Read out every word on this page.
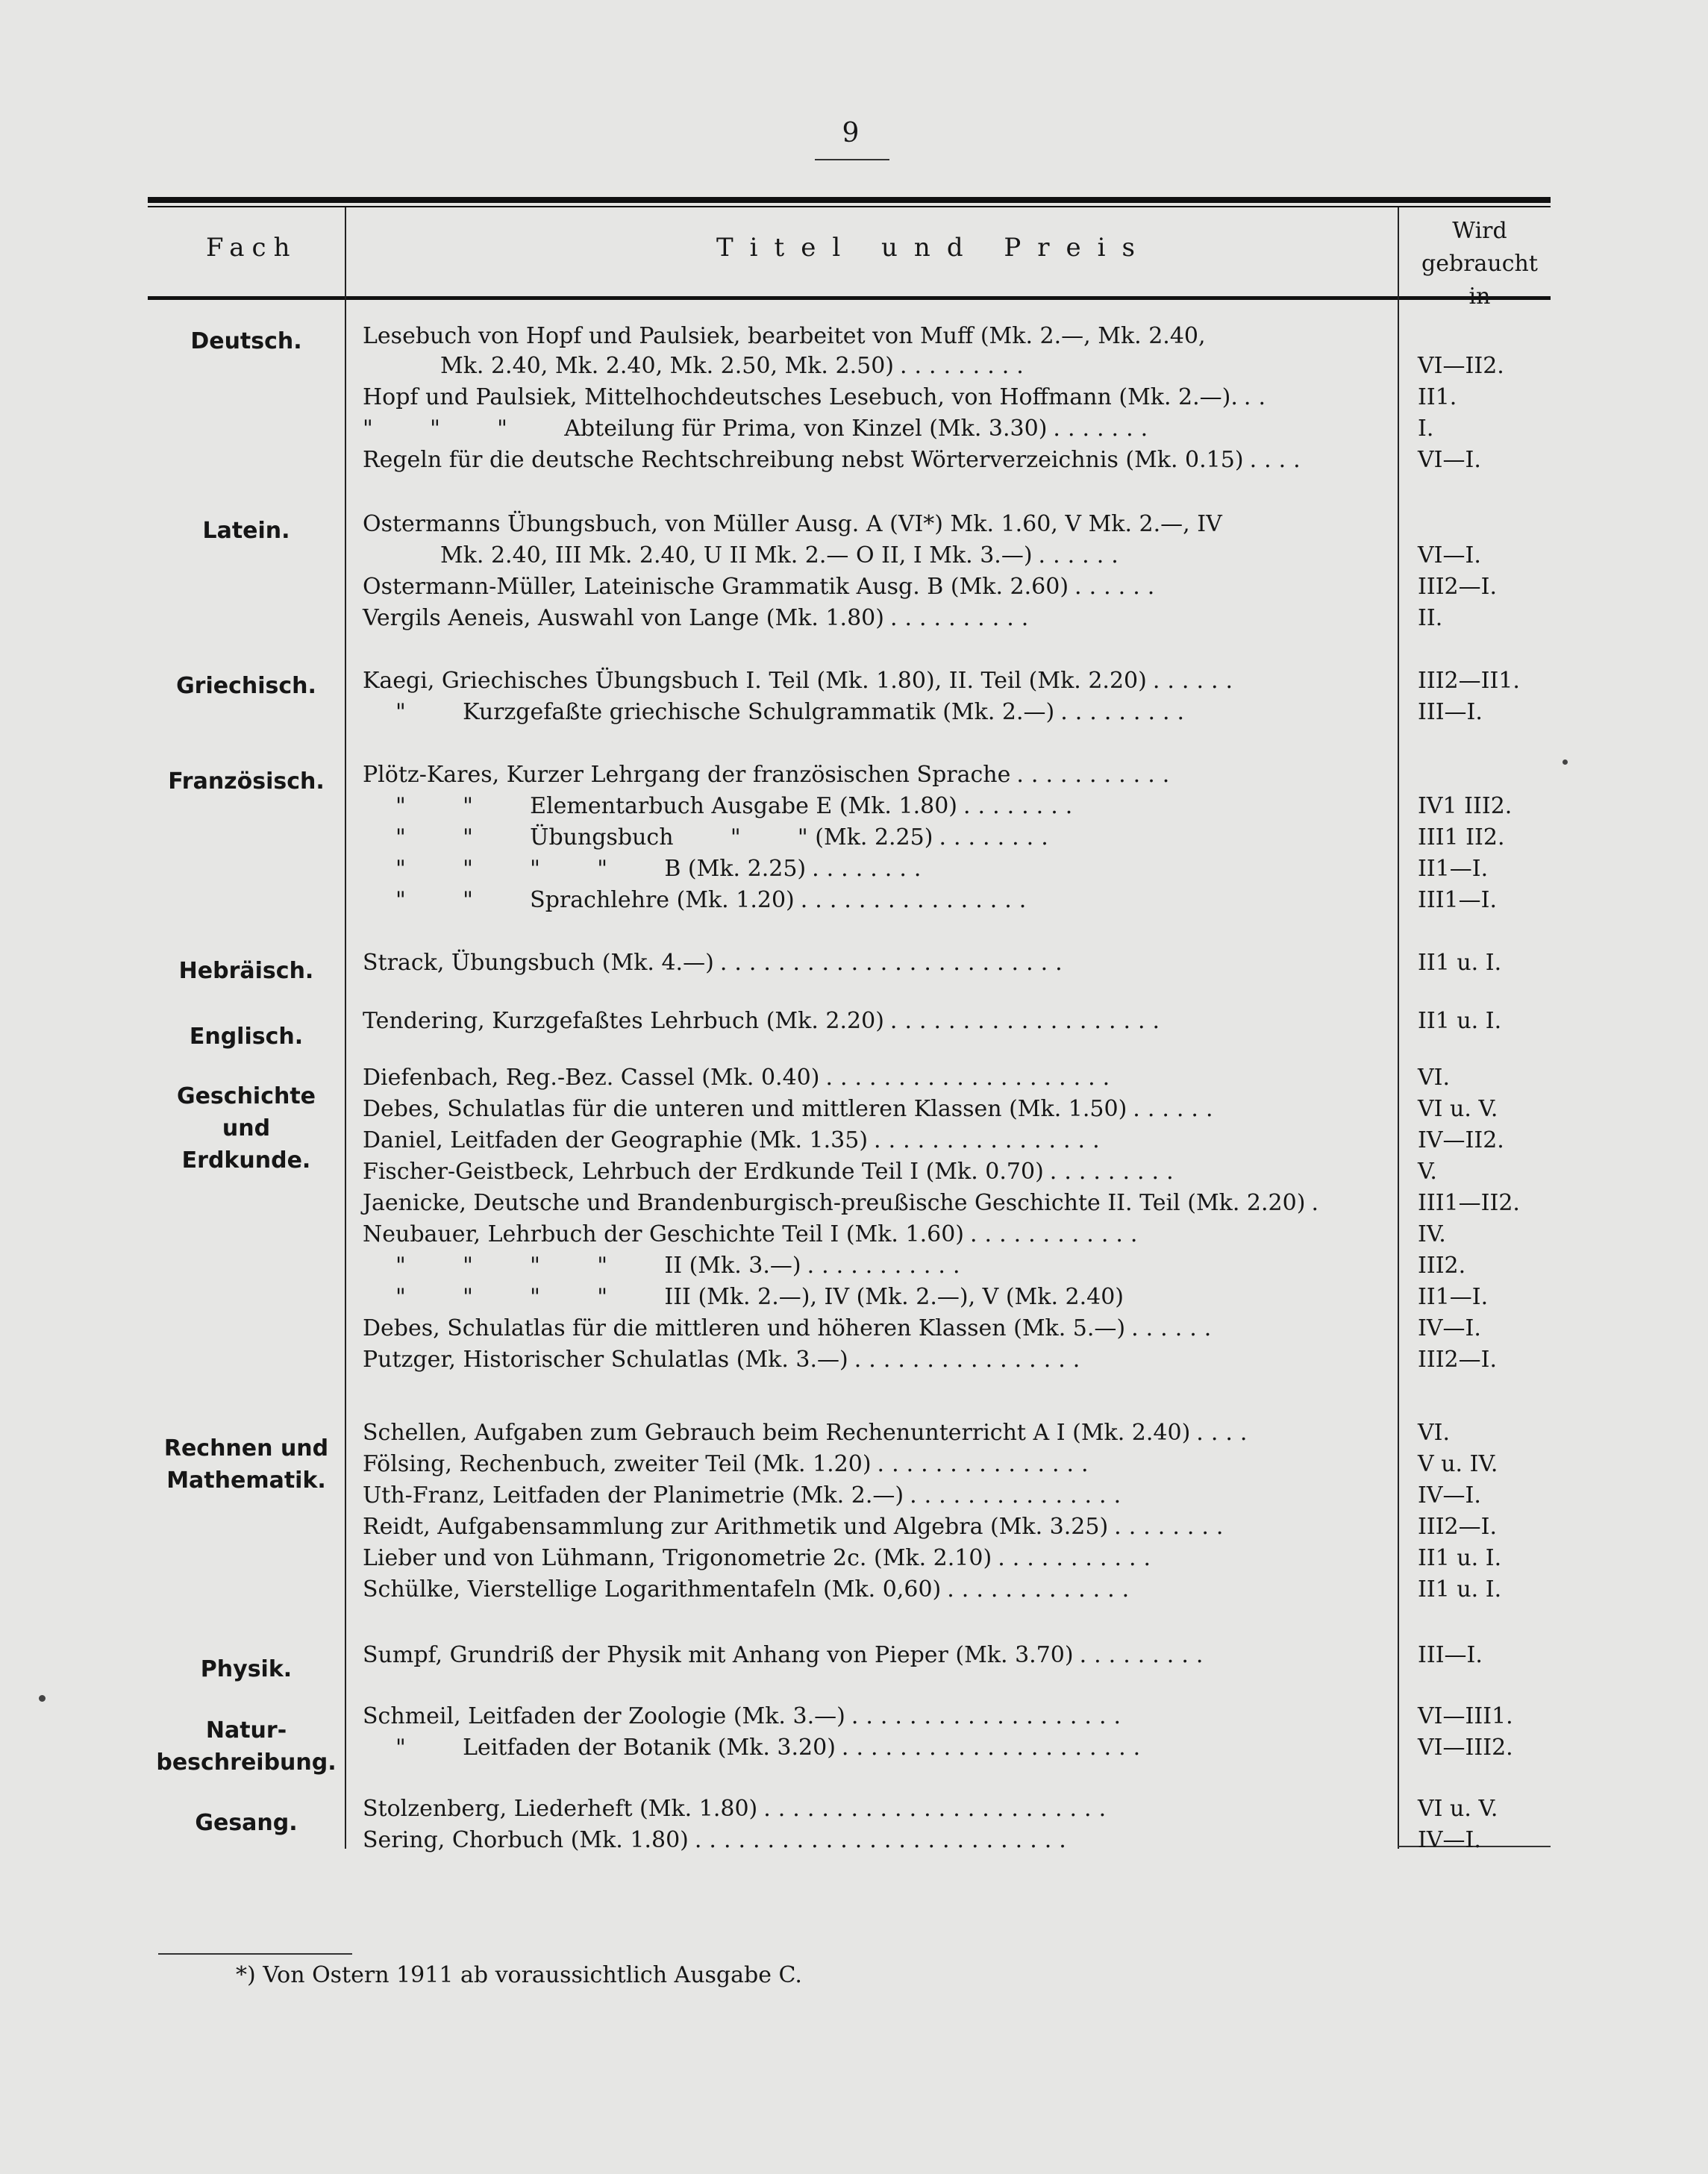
9
Fach	Titel und Preis
Wird
gebraucht in
Deutsch.
Latein.
Griechisch.
Französisch.
Hebräisch.
Englisch.
Geschichte und
Erdkunde.
Rechnen und
Mathematik.
Physik.
Natur-
beschreibung.
Gesang.
Lesebuch von Hopf und Paulsiek, bearbeitet von Muff (Mk. 2.—, Mk. 2.40,
Mk. 2.40, Mk. 2.40, Mk. 2.50, Mk. 2.50) .........
Hopf und Paulsiek, Mittelhochdeutsches Lesebuch, von Hoffmann (Mk. 2.—). ..
"        "        "        Abteilung für Prima, von Kinzel (Mk. 3.30) .......
Regeln für die deutsche Rechtschreibung nebst Wörterverzeichnis (Mk. 0.15) ....
Ostermanns Übungsbuch, von Müller Ausg. A (VI*) Mk. 1.60, V Mk. 2.—, IV
Mk. 2.40, III Mk. 2.40, U II Mk. 2.— O II, I Mk. 3.—) ......
Ostermann-Müller, Lateinische Grammatik Ausg. B (Mk. 2.60) ......
Vergils Aeneis, Auswahl von Lange (Mk. 1.80) ..........
Kaegi, Griechisches Übungsbuch I. Teil (Mk. 1.80), II. Teil (Mk. 2.20) ......
"        Kurzgefaßte griechische Schulgrammatik (Mk. 2.—) .........
Plötz-Kares, Kurzer Lehrgang der französischen Sprache ...........
"        "        Elementarbuch Ausgabe E (Mk. 1.80) ........
"        "        Übungsbuch        "        " (Mk. 2.25) ........
"        "        "        "        B (Mk. 2.25) ........
"        "        Sprachlehre (Mk. 1.20) ................
Strack, Übungsbuch (Mk. 4.—) ........................
Tendering, Kurzgefaßtes Lehrbuch (Mk. 2.20) ...................
Diefenbach, Reg.-Bez. Cassel (Mk. 0.40) ....................
Debes, Schulatlas für die unteren und mittleren Klassen (Mk. 1.50) ......
Daniel, Leitfaden der Geographie (Mk. 1.35) ................
Fischer-Geistbeck, Lehrbuch der Erdkunde Teil I (Mk. 0.70) .........
Jaenicke, Deutsche und Brandenburgisch-preußische Geschichte II. Teil (Mk. 2.20) .
Neubauer, Lehrbuch der Geschichte Teil I (Mk. 1.60) ............
"        "        "        "        II (Mk. 3.—) ...........
"        "        "        "        III (Mk. 2.—), IV (Mk. 2.—), V (Mk. 2.40)
Debes, Schulatlas für die mittleren und höheren Klassen (Mk. 5.—) ......
Putzger, Historischer Schulatlas (Mk. 3.—) ................
Schellen, Aufgaben zum Gebrauch beim Rechenunterricht A I (Mk. 2.40) ....
Fölsing, Rechenbuch, zweiter Teil (Mk. 1.20) ...............
Uth-Franz, Leitfaden der Planimetrie (Mk. 2.—) ...............
Reidt, Aufgabensammlung zur Arithmetik und Algebra (Mk. 3.25) ........
Lieber und von Lühmann, Trigonometrie 2c. (Mk. 2.10) ...........
Schülke, Vierstellige Logarithmentafeln (Mk. 0,60) .............
Sumpf, Grundriß der Physik mit Anhang von Pieper (Mk. 3.70) .........
Schmeil, Leitfaden der Zoologie (Mk. 3.—) ...................
"        Leitfaden der Botanik (Mk. 3.20) .....................
Stolzenberg, Liederheft (Mk. 1.80) ........................
Sering, Chorbuch (Mk. 1.80) ..........................
VI—II2.
II1.
I.
VI—I.
VI—I.
III2—I.
II.
III2—II1.
III—I.
IV1 III2.
III1 II2.
II1—I.
III1—I.
II1 u. I.
II1 u. I.
VI.
VI u. V.
IV—II2.
V.
III1—II2.
IV.
III2.
II1—I.
IV—I.
III2—I.
VI.
V u. IV.
IV—I.
III2—I.
II1 u. I.
II1 u. I.
III—I.
VI—III1.
VI—III2.
VI u. V.
IV—I.
*) Von Ostern 1911 ab voraussichtlich Ausgabe C.
